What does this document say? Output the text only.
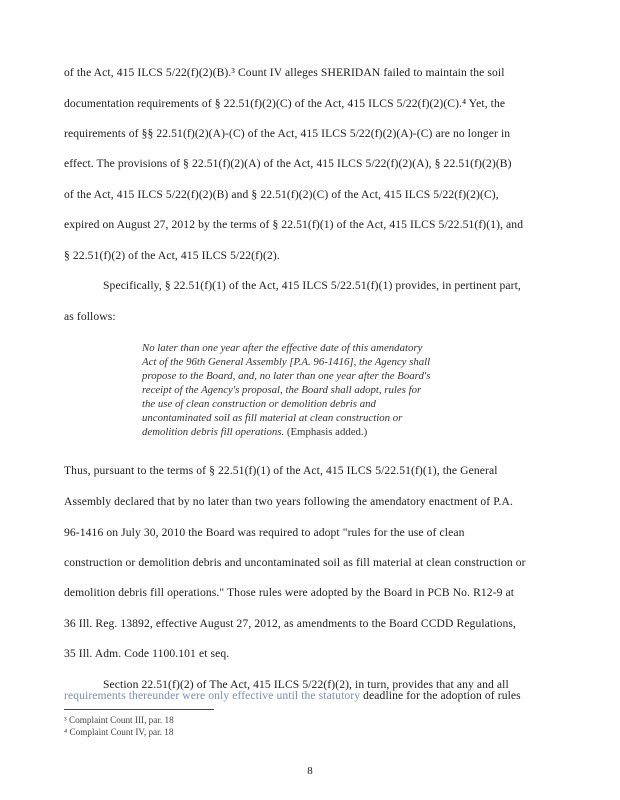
of the Act, 415 ILCS 5/22(f)(2)(B).³ Count IV alleges SHERIDAN failed to maintain the soil
documentation requirements of § 22.51(f)(2)(C) of the Act, 415 ILCS 5/22(f)(2)(C).⁴ Yet, the
requirements of §§ 22.51(f)(2)(A)-(C) of the Act, 415 ILCS 5/22(f)(2)(A)-(C) are no longer in
effect. The provisions of § 22.51(f)(2)(A) of the Act, 415 ILCS 5/22(f)(2)(A), § 22.51(f)(2)(B)
of the Act, 415 ILCS 5/22(f)(2)(B) and § 22.51(f)(2)(C) of the Act, 415 ILCS 5/22(f)(2)(C),
expired on August 27, 2012 by the terms of § 22.51(f)(1) of the Act, 415 ILCS 5/22.51(f)(1), and
§ 22.51(f)(2) of the Act, 415 ILCS 5/22(f)(2).
Specifically, § 22.51(f)(1) of the Act, 415 ILCS 5/22.51(f)(1) provides, in pertinent part,
as follows:
No later than one year after the effective date of this amendatory
Act of the 96th General Assembly [P.A. 96-1416], the Agency shall
propose to the Board, and, no later than one year after the Board's
receipt of the Agency's proposal, the Board shall adopt, rules for
the use of clean construction or demolition debris and
uncontaminated soil as fill material at clean construction or
demolition debris fill operations. (Emphasis added.)
Thus, pursuant to the terms of § 22.51(f)(1) of the Act, 415 ILCS 5/22.51(f)(1), the General
Assembly declared that by no later than two years following the amendatory enactment of P.A.
96-1416 on July 30, 2010 the Board was required to adopt "rules for the use of clean
construction or demolition debris and uncontaminated soil as fill material at clean construction or
demolition debris fill operations." Those rules were adopted by the Board in PCB No. R12-9 at
36 Ill. Reg. 13892, effective August 27, 2012, as amendments to the Board CCDD Regulations,
35 Ill. Adm. Code 1100.101 et seq.
Section 22.51(f)(2) of The Act, 415 ILCS 5/22(f)(2), in turn, provides that any and all
requirements thereunder were only effective until the statutory deadline for the adoption of rules
³ Complaint Count III, par. 18
⁴ Complaint Count IV, par. 18
8
